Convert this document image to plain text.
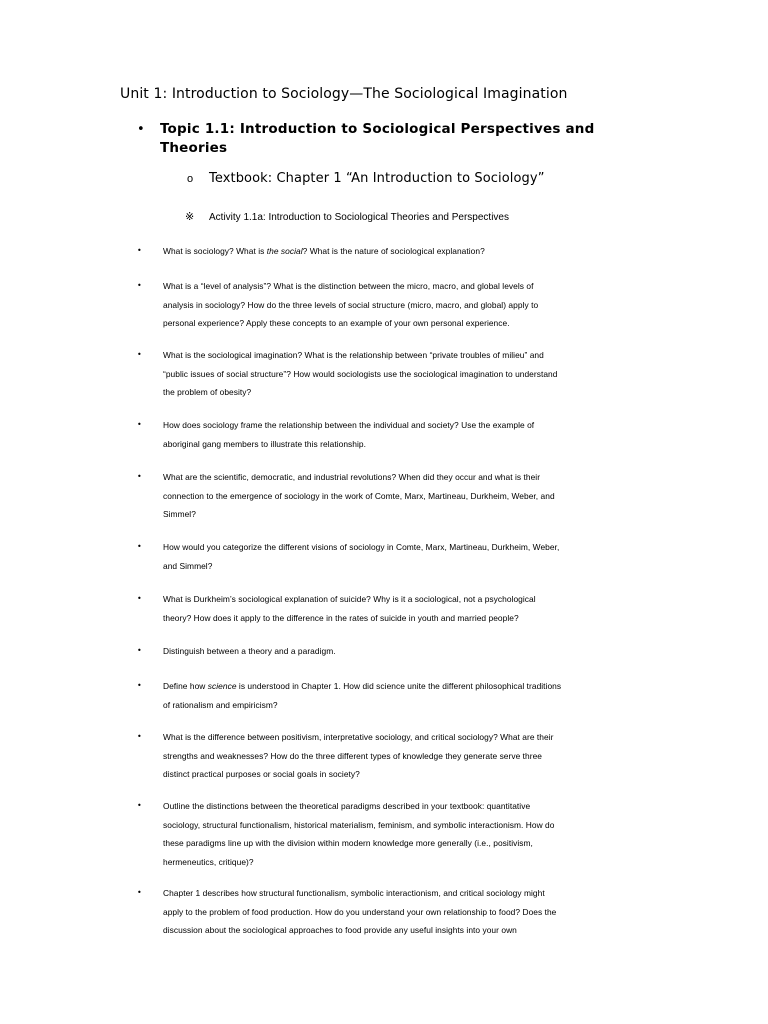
Unit 1: Introduction to Sociology—The Sociological Imagination
•	Topic 1.1: Introduction to Sociological Perspectives and Theories
o	Textbook: Chapter 1 “An Introduction to Sociology”
※	Activity 1.1a: Introduction to Sociological Theories and Perspectives
•	What is sociology? What is the social? What is the nature of sociological explanation?
•	What is a “level of analysis”? What is the distinction between the micro, macro, and global levels of
analysis in sociology? How do the three levels of social structure (micro, macro, and global) apply to
personal experience? Apply these concepts to an example of your own personal experience.
•	What is the sociological imagination? What is the relationship between “private troubles of milieu” and
“public issues of social structure”? How would sociologists use the sociological imagination to understand
the problem of obesity?
•	How does sociology frame the relationship between the individual and society? Use the example of
aboriginal gang members to illustrate this relationship.
•	What are the scientific, democratic, and industrial revolutions? When did they occur and what is their
connection to the emergence of sociology in the work of Comte, Marx, Martineau, Durkheim, Weber, and
Simmel?
•	How would you categorize the different visions of sociology in Comte, Marx, Martineau, Durkheim, Weber,
and Simmel?
•	What is Durkheim’s sociological explanation of suicide? Why is it a sociological, not a psychological
theory? How does it apply to the difference in the rates of suicide in youth and married people?
•	Distinguish between a theory and a paradigm.
•	Define how science is understood in Chapter 1. How did science unite the different philosophical traditions
of rationalism and empiricism?
•	What is the difference between positivism, interpretative sociology, and critical sociology? What are their
strengths and weaknesses? How do the three different types of knowledge they generate serve three
distinct practical purposes or social goals in society?
•	Outline the distinctions between the theoretical paradigms described in your textbook: quantitative
sociology, structural functionalism, historical materialism, feminism, and symbolic interactionism. How do
these paradigms line up with the division within modern knowledge more generally (i.e., positivism,
hermeneutics, critique)?
•	Chapter 1 describes how structural functionalism, symbolic interactionism, and critical sociology might
apply to the problem of food production. How do you understand your own relationship to food? Does the
discussion about the sociological approaches to food provide any useful insights into your own
